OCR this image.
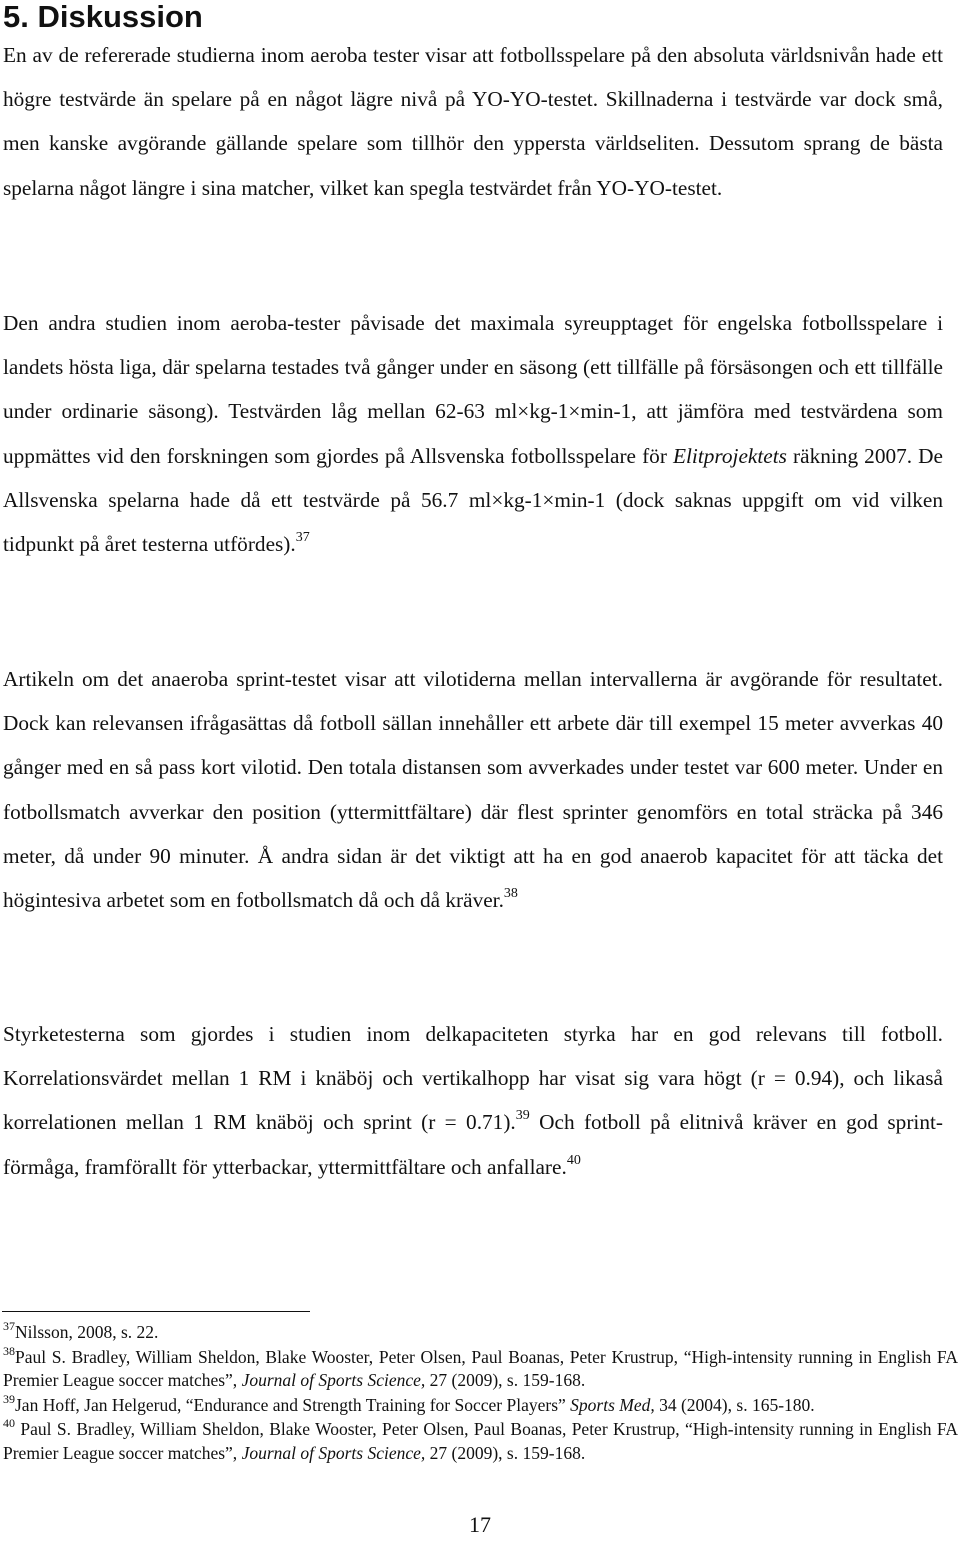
5. Diskussion

En av de refererade studierna inom aeroba tester visar att fotbollsspelare på den absoluta världsnivån hade ett högre testvärde än spelare på en något lägre nivå på YO-YO-testet. Skillnaderna i testvärde var dock små, men kanske avgörande gällande spelare som tillhör den yppersta världseliten. Dessutom sprang de bästa spelarna något längre i sina matcher, vilket kan spegla testvärdet från YO-YO-testet.

Den andra studien inom aeroba-tester påvisade det maximala syreupptaget för engelska fotbollsspelare i landets hösta liga, där spelarna testades två gånger under en säsong (ett tillfälle på försäsongen och ett tillfälle under ordinarie säsong). Testvärden låg mellan 62-63 ml×kg-1×min-1, att jämföra med testvärdena som uppmättes vid den forskningen som gjordes på Allsvenska fotbollsspelare för Elitprojektets räkning 2007. De Allsvenska spelarna hade då ett testvärde på 56.7 ml×kg-1×min-1 (dock saknas uppgift om vid vilken tidpunkt på året testerna utfördes).$^{37}$

Artikeln om det anaeroba sprint-testet visar att vilotiderna mellan intervallerna är avgörande för resultatet. Dock kan relevansen ifrågasättas då fotboll sällan innehåller ett arbete där till exempel 15 meter avverkas 40 gånger med en så pass kort vilotid. Den totala distansen som avverkades under testet var 600 meter. Under en fotbollsmatch avverkar den position (yttermittfältare) där flest sprinter genomförs en total sträcka på 346 meter, då under 90 minuter. Å andra sidan är det viktigt att ha en god anaerob kapacitet för att täcka det högintesiva arbetet som en fotbollsmatch då och då kräver.$^{38}$

Styrketesterna som gjordes i studien inom delkapaciteten styrka har en god relevans till fotboll. Korrelationsvärdet mellan 1 RM i knäböj och vertikalhopp har visat sig vara högt (r = 0.94), och likaså korrelationen mellan 1 RM knäböj och sprint (r = 0.71).$^{39}$ Och fotboll på elitnivå kräver en god sprint-förmåga, framförallt för ytterbackar, yttermittfältare och anfallare.$^{40}$

$^{37}$Nilsson, 2008, s. 22.

$^{38}$Paul S. Bradley, William Sheldon, Blake Wooster, Peter Olsen, Paul Boanas, Peter Krustrup, “High-intensity running in English FA Premier League soccer matches”, Journal of Sports Science, 27 (2009), s. 159-168.

$^{39}$Jan Hoff, Jan Helgerud, “Endurance and Strength Training for Soccer Players” Sports Med, 34 (2004), s. 165-180.

$^{40}$ Paul S. Bradley, William Sheldon, Blake Wooster, Peter Olsen, Paul Boanas, Peter Krustrup, “High-intensity running in English FA Premier League soccer matches”, Journal of Sports Science, 27 (2009), s. 159-168.

17
